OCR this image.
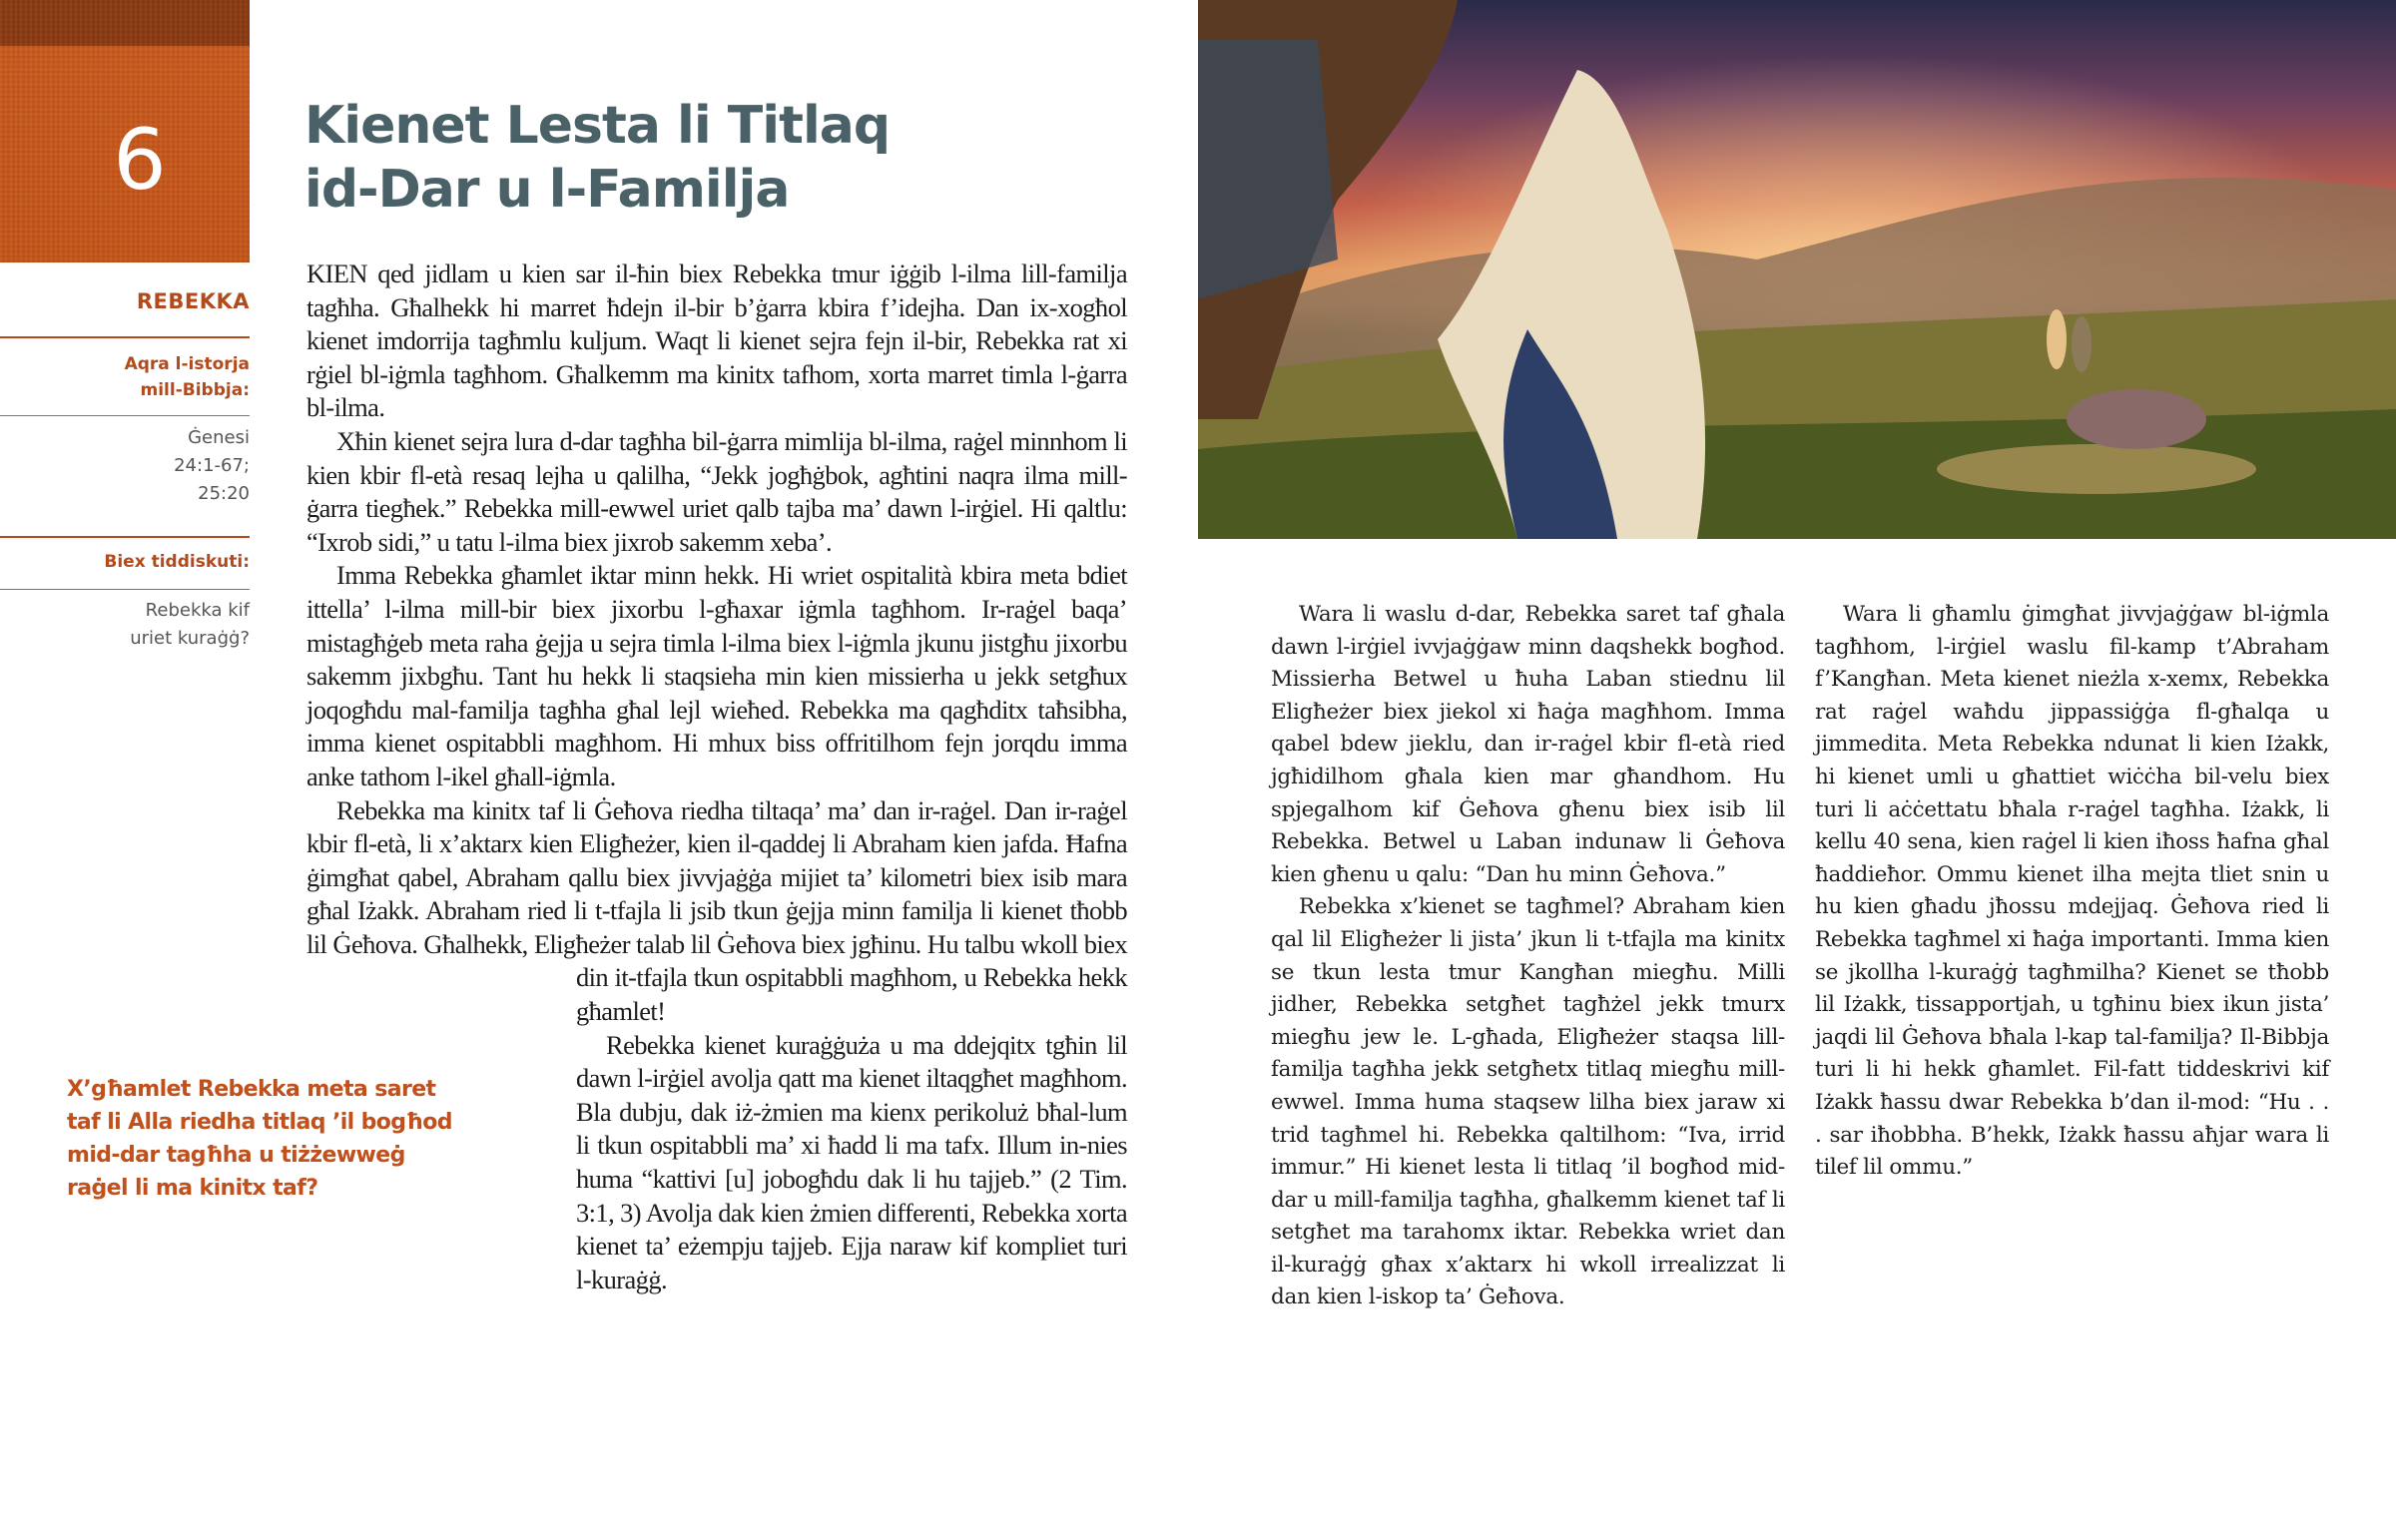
6	Kienet Lesta li Titlaq
id-Dar u l-Familja
REBEKKA
Aqra l-istorja mill-Bibbja:
Ġenesi 24:1-67; 25:20
Biex tiddiskuti:
Rebekka kif uriet kuraġġ?
X’għamlet Rebekka meta saret taf li Alla riedha titlaq ’il bogħod mid-dar tagħha u tiżżewweġ raġel li ma kinitx taf?

KIEN qed jidlam u kien sar il-ħin biex Rebekka tmur iġġib l-ilma lill-familja tagħha. Għalhekk hi marret ħdejn il-bir b’ġarra kbira f’idejha. Dan ix-xogħol kienet imdorrija tagħmlu kuljum. Waqt li kienet sejra fejn il-bir, Rebekka rat xi rġiel bl-iġmla tagħhom. Għalkemm ma kinitx tafhom, xorta marret timla l-ġarra bl-ilma.

Xħin kienet sejra lura d-dar tagħha bil-ġarra mimlija bl-ilma, raġel minnhom li kien kbir fl-età resaq lejha u qalilha, “Jekk jogħġbok, agħtini naqra ilma mill-ġarra tiegħek.” Rebekka mill-ewwel uriet qalb tajba ma’ dawn l-irġiel. Hi qaltlu: “Ixrob sidi,” u tatu l-ilma biex jixrob sakemm xeba’.

Imma Rebekka għamlet iktar minn hekk. Hi wriet ospitalità kbira meta bdiet ittella’ l-ilma mill-bir biex jixorbu l-għaxar iġmla tagħhom. Ir-raġel baqa’ mistagħġeb meta raha ġejja u sejra timla l-ilma biex l-iġmla jkunu jistgħu jixorbu sakemm jixbgħu. Tant hu hekk li staqsieha min kien missierha u jekk setgħux joqogħdu mal-familja tagħha għal lejl wieħed. Rebekka ma qagħditx taħsibha, imma kienet ospitabbli magħhom. Hi mhux biss offritilhom fejn jorqdu imma anke tathom l-ikel għall-iġmla.

Rebekka ma kinitx taf li Ġeħova riedha tiltaqa’ ma’ dan ir-raġel. Dan ir-raġel kbir fl-età, li x’aktarx kien Eligħeżer, kien il-qaddej li Abraham kien jafda. Ħafna ġimgħat qabel, Abraham qallu biex jivvjaġġa mijiet ta’ kilometri biex isib mara għal Iżakk. Abraham ried li t-tfajla li jsib tkun ġejja minn familja li kienet tħobb lil Ġeħova. Għalhekk, Eligħeżer talab lil Ġeħova biex jgħinu. Hu talbu wkoll biex din it-tfajla tkun ospitabbli magħhom, u Rebekka hekk għamlet!

Rebekka kienet kuraġġuża u ma ddejqitx tgħin lil dawn l-irġiel avolja qatt ma kienet iltaqgħet magħhom. Bla dubju, dak iż-żmien ma kienx perikoluż bħal-lum li tkun ospitabbli ma’ xi ħadd li ma tafx. Illum in-nies huma “kattivi [u] jobogħdu dak li hu tajjeb.” (2 Tim. 3:1, 3) Avolja dak kien żmien differenti, Rebekka xorta kienet ta’ eżempju tajjeb. Ejja naraw kif kompliet turi l-kuraġġ.

Wara li waslu d-dar, Rebekka saret taf għala dawn l-irġiel ivvjaġġaw minn daqshekk bogħod. Missierha Betwel u ħuha Laban stiednu lil Eligħeżer biex jiekol xi ħaġa magħhom. Imma qabel bdew jieklu, dan ir-raġel kbir fl-età ried jgħidilhom għala kien mar għandhom. Hu spjegalhom kif Ġeħova għenu biex isib lil Rebekka. Betwel u Laban indunaw li Ġeħova kien għenu u qalu: “Dan hu minn Ġeħova.”

Rebekka x’kienet se tagħmel? Abraham kien qal lil Eligħeżer li jista’ jkun li t-tfajla ma kinitx se tkun lesta tmur Kangħan miegħu. Milli jidher, Rebekka setgħet tagħżel jekk tmurx miegħu jew le. L-għada, Eligħeżer staqsa lill-familja tagħha jekk setgħetx titlaq miegħu mill-ewwel. Imma huma staqsew lilha biex jaraw xi trid tagħmel hi. Rebekka qaltilhom: “Iva, irrid immur.” Hi kienet lesta li titlaq ’il bogħod mid-dar u mill-familja tagħha, għalkemm kienet taf li setgħet ma tarahomx iktar. Rebekka wriet dan il-kuraġġ għax x’aktarx hi wkoll irrealizzat li dan kien l-iskop ta’ Ġeħova.

Wara li għamlu ġimgħat jivvjaġġaw bl-iġmla tagħhom, l-irġiel waslu fil-kamp t’Abraham f’Kangħan. Meta kienet nieżla x-xemx, Rebekka rat raġel waħdu jippassiġġa fl-għalqa u jimmedita. Meta Rebekka ndunat li kien Iżakk, hi kienet umli u għattiet wiċċha bil-velu biex turi li aċċettatu bħala r-raġel tagħha. Iżakk, li kellu 40 sena, kien raġel li kien iħoss ħafna għal ħaddieħor. Ommu kienet ilha mejta tliet snin u hu kien għadu jħossu mdejjaq. Ġeħova ried li Rebekka tagħmel xi ħaġa importanti. Imma kien se jkollha l-kuraġġ tagħmilha? Kienet se tħobb lil Iżakk, tissapportjah, u tgħinu biex ikun jista’ jaqdi lil Ġeħova bħala l-kap tal-familja? Il-Bibbja turi li hi hekk għamlet. Fil-fatt tiddeskrivi kif Iżakk ħassu dwar Rebekka b’dan il-mod: “Hu . . . sar iħobbha. B’hekk, Iżakk ħassu aħjar wara li tilef lil ommu.”
